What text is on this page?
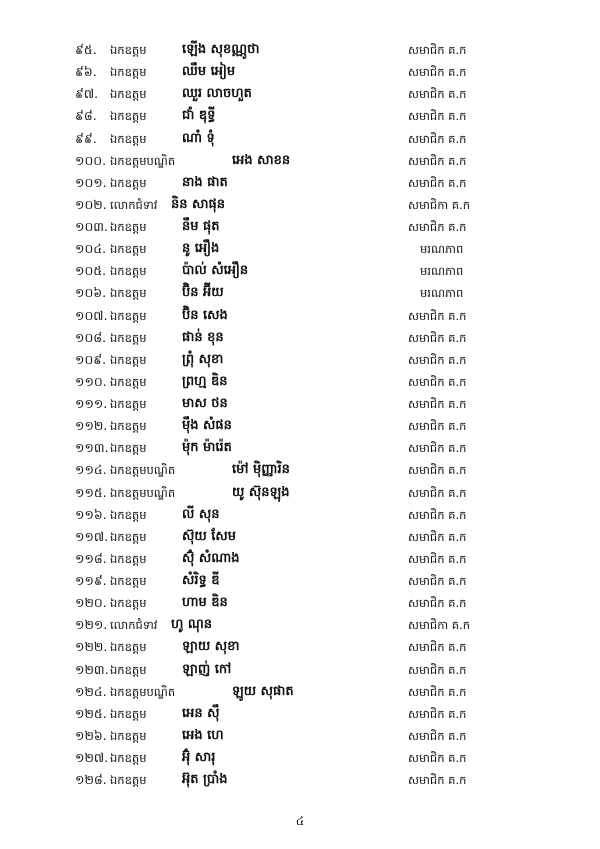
៩៥. ឯកឧត្តម	ឡើង សុខណ្ណូថា	សមាជិក គ.ក
៩៦. ឯកឧត្តម	ឈឹម អៀម	សមាជិក គ.ក
៩៧. ឯកឧត្តម	ឈួរ លាចហួត	សមាជិក គ.ក
៩៨. ឯកឧត្តម	ជាំ ឌុទ្ធី	សមាជិក គ.ក
៩៩. ឯកឧត្តម	ណាំ ទុំ	សមាជិក គ.ក
១០០. ឯកឧត្តមបណ្ឌិត	អេង សាខន	សមាជិក គ.ក
១០១. ឯកឧត្តម	នាង ផាត	សមាជិក គ.ក
១០២. លោកជំទាវ និន សាផុន	សមាជិកា គ.ក
១០៣. ឯកឧត្តម	នឹម ផុត	សមាជិក គ.ក
១០៤. ឯកឧត្តម	នូ អឿង	មរណភាព
១០៥. ឯកឧត្តម	ប៉ាល់ សំអឿន	មរណភាព
១០៦. ឯកឧត្តម	ប៊ិន អ៊ីយ	មរណភាព
១០៧. ឯកឧត្តម	ប៊ិន សេង	សមាជិក គ.ក
១០៨. ឯកឧត្តម	ផាន់ ខុន	សមាជិក គ.ក
១០៩. ឯកឧត្តម	ព្រុំ សុខា	សមាជិក គ.ក
១១០. ឯកឧត្តម	ព្រហ្ម ឌិន	សមាជិក គ.ក
១១១. ឯកឧត្តម	មាស ថន	សមាជិក គ.ក
១១២. ឯកឧត្តម	ម៉ឹង សំផន	សមាជិក គ.ក
១១៣. ឯកឧត្តម	ម៉ុក ម៉ារ៉េត	សមាជិក គ.ក
១១៤. ឯកឧត្តមបណ្ឌិត	ម៉ៅ ម៉ិញ្ញារិន	សមាជិក គ.ក
១១៥. ឯកឧត្តមបណ្ឌិត	យូ ស៊ុនឡុង	សមាជិក គ.ក
១១៦. ឯកឧត្តម	លី សុន	សមាជិក គ.ក
១១៧. ឯកឧត្តម	ស៊ុយ សែម	សមាជិក គ.ក
១១៨. ឯកឧត្តម	ស៊ុំ សំណាង	សមាជិក គ.ក
១១៩. ឯកឧត្តម	សំរិទ្ធ ឌី	សមាជិក គ.ក
១២០. ឯកឧត្តម	ហាម ឌិន	សមាជិក គ.ក
១២១. លោកជំទាវ ហូ ណុន	សមាជិកា គ.ក
១២២. ឯកឧត្តម	ឡាយ សុខា	សមាជិក គ.ក
១២៣. ឯកឧត្តម	ឡាញ់ កៅ	សមាជិក គ.ក
១២៤. ឯកឧត្តមបណ្ឌិត	ឡូយ សុផាត	សមាជិក គ.ក
១២៥. ឯកឧត្តម	អេន ស៊ឹ	សមាជិក គ.ក
១២៦. ឯកឧត្តម	អេង ហេ	សមាជិក គ.ក
១២៧. ឯកឧត្តម	អ៊ុំ សារុ	សមាជិក គ.ក
១២៨. ឯកឧត្តម	អ៊ុត ប្រាំង	សមាជិក គ.ក
៤
